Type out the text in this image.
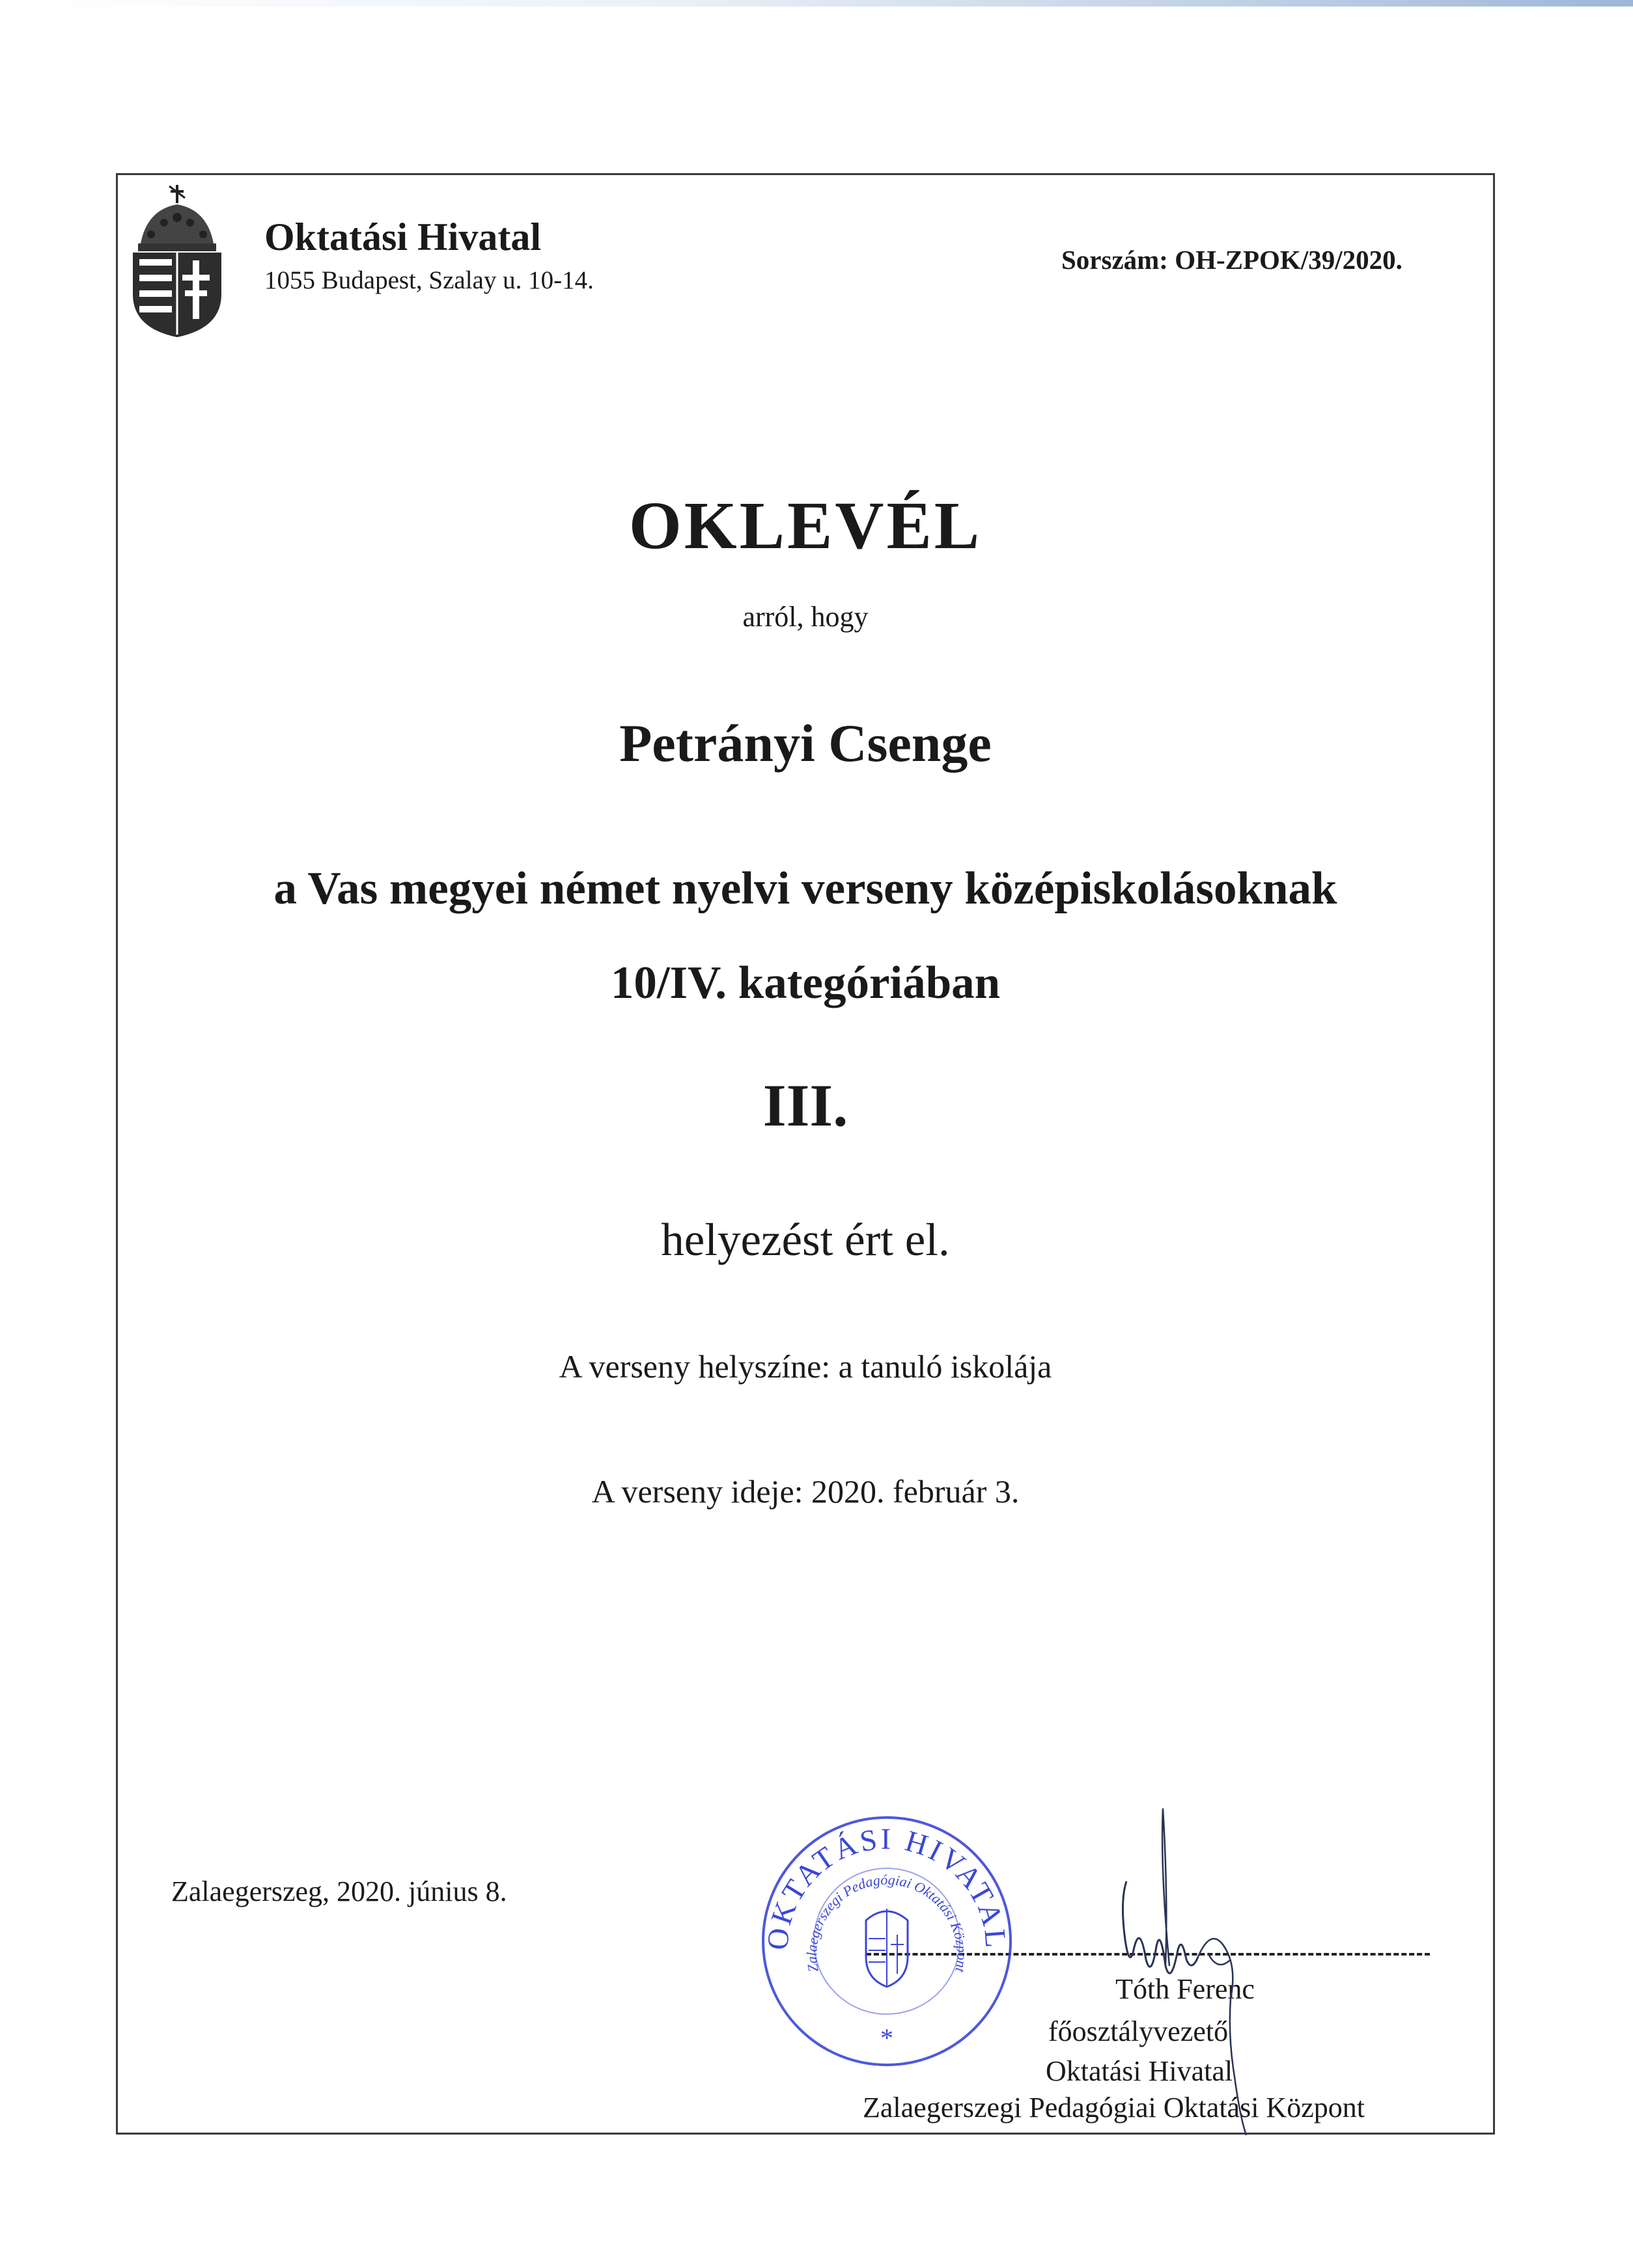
Oktatási Hivatal
1055 Budapest, Szalay u. 10-14.
Sorszám: OH-ZPOK/39/2020.
OKLEVÉL
arról, hogy
Petrányi Csenge
a Vas megyei német nyelvi verseny középiskolásoknak
10/IV. kategóriában
III.
helyezést ért el.
A verseny helyszíne: a tanuló iskolája
A verseny ideje: 2020. február 3.
Zalaegerszeg, 2020. június 8.
OKTATÁSI HIVATAL
Zalaegerszegi Pedagógiai Oktatási Központ
*
Tóth Ferenc
főosztályvezető
Oktatási Hivatal
Zalaegerszegi Pedagógiai Oktatási Központ
